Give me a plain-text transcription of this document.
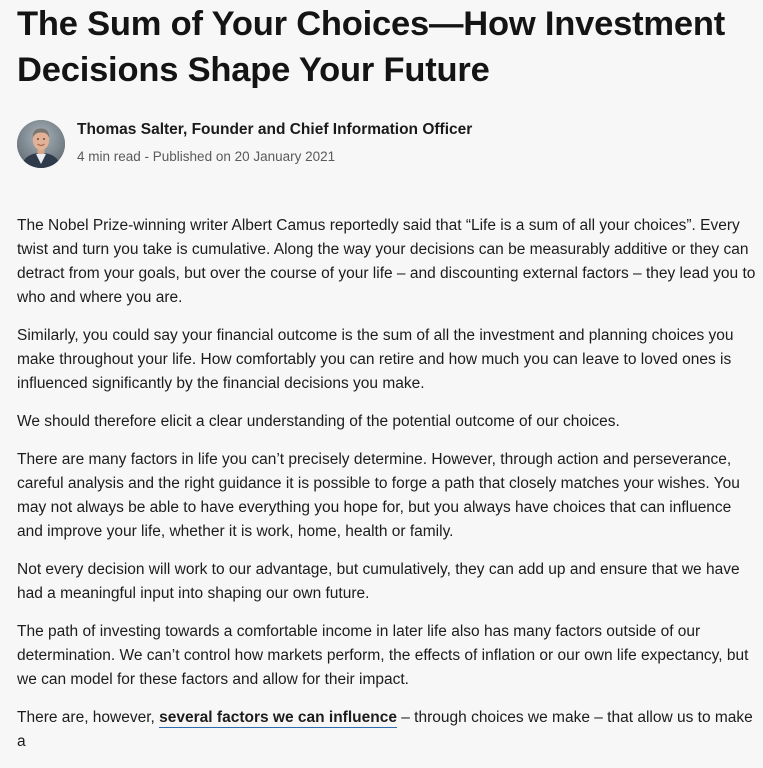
The Sum of Your Choices—How Investment Decisions Shape Your Future
Thomas Salter, Founder and Chief Information Officer
4 min read - Published on 20 January 2021

The Nobel Prize-winning writer Albert Camus reportedly said that “Life is a sum of all your choices”. Every twist and turn you take is cumulative. Along the way your decisions can be measurably additive or they can detract from your goals, but over the course of your life – and discounting external factors – they lead you to who and where you are.

Similarly, you could say your financial outcome is the sum of all the investment and planning choices you make throughout your life. How comfortably you can retire and how much you can leave to loved ones is influenced significantly by the financial decisions you make.

We should therefore elicit a clear understanding of the potential outcome of our choices.

There are many factors in life you can’t precisely determine. However, through action and perseverance, careful analysis and the right guidance it is possible to forge a path that closely matches your wishes. You may not always be able to have everything you hope for, but you always have choices that can influence and improve your life, whether it is work, home, health or family.

Not every decision will work to our advantage, but cumulatively, they can add up and ensure that we have had a meaningful input into shaping our own future.

The path of investing towards a comfortable income in later life also has many factors outside of our determination. We can’t control how markets perform, the effects of inflation or our own life expectancy, but we can model for these factors and allow for their impact.

There are, however, several factors we can influence – through choices we make – that allow us to make a
